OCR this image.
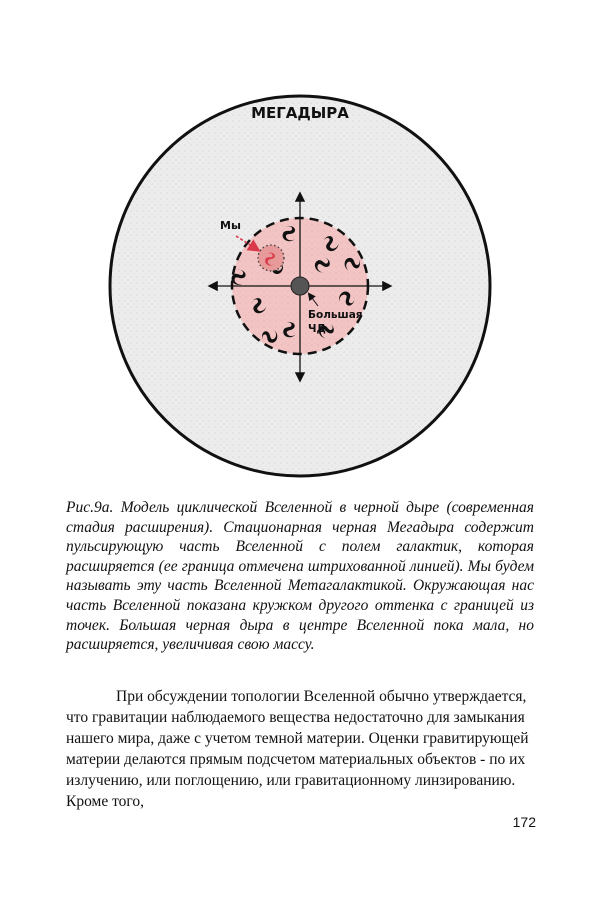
МЕГАДЫРА
Мы
Большая
ЧД

Рис.9а. Модель циклической Вселенной в черной дыре (современная стадия расширения). Стационарная черная Мегадыра содержит пульсирующую часть Вселенной с полем галактик, которая расширяется (ее граница отмечена штрихованной линией). Мы будем называть эту часть Вселенной Метагалактикой. Окружающая нас часть Вселенной показана кружком другого оттенка с границей из точек. Большая черная дыра в центре Вселенной пока мала, но расширяется, увеличивая свою массу.

При обсуждении топологии Вселенной обычно утверждается, что гравитации наблюдаемого вещества недостаточно для замыкания нашего мира, даже с учетом темной материи. Оценки гравитирующей материи делаются прямым подсчетом материальных объектов - по их излучению, или поглощению, или гравитационному линзированию. Кроме того,

172
